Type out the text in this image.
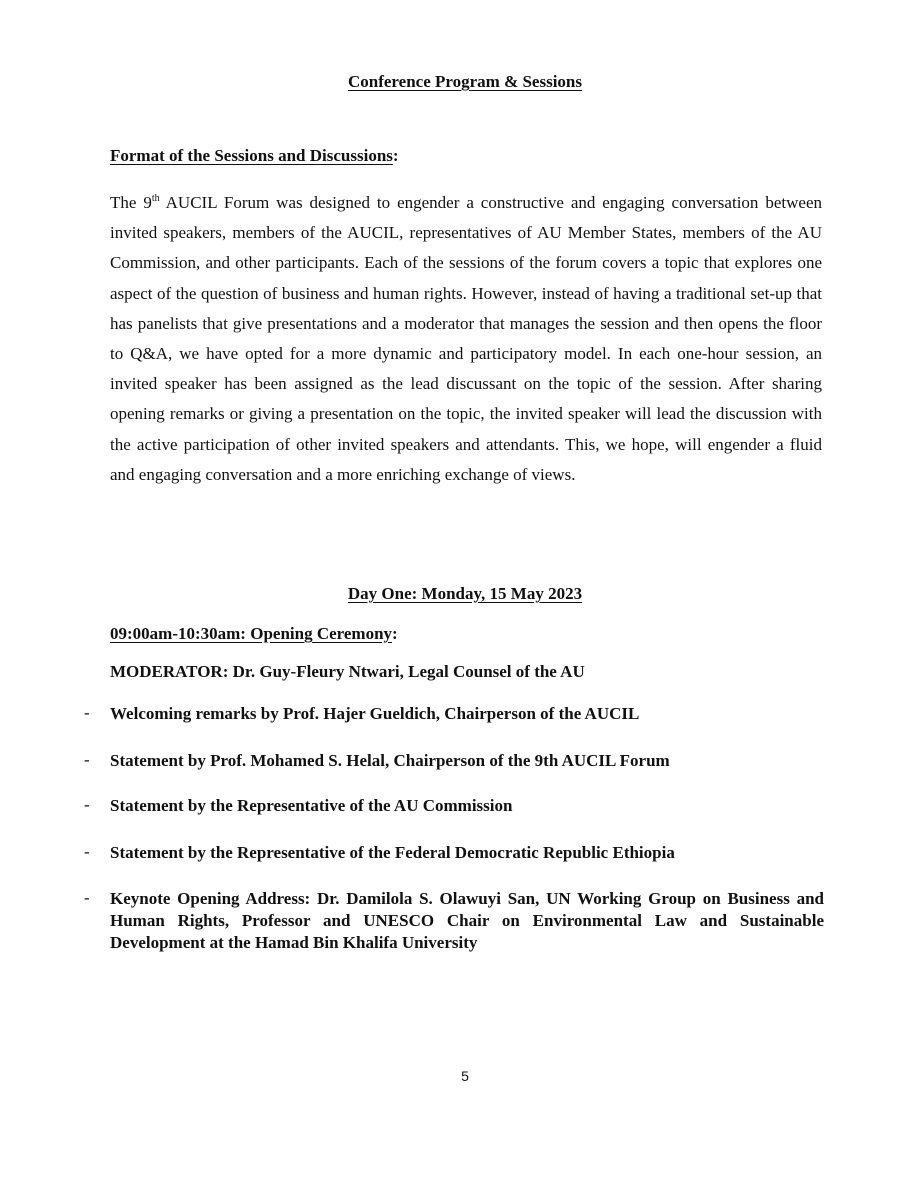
Conference Program & Sessions
Format of the Sessions and Discussions:

The 9th AUCIL Forum was designed to engender a constructive and engaging conversation between invited speakers, members of the AUCIL, representatives of AU Member States, members of the AU Commission, and other participants. Each of the sessions of the forum covers a topic that explores one aspect of the question of business and human rights. However, instead of having a traditional set-up that has panelists that give presentations and a moderator that manages the session and then opens the floor to Q&A, we have opted for a more dynamic and participatory model. In each one-hour session, an invited speaker has been assigned as the lead discussant on the topic of the session. After sharing opening remarks or giving a presentation on the topic, the invited speaker will lead the discussion with the active participation of other invited speakers and attendants. This, we hope, will engender a fluid and engaging conversation and a more enriching exchange of views.

Day One: Monday, 15 May 2023
09:00am-10:30am: Opening Ceremony:
MODERATOR: Dr. Guy-Fleury Ntwari, Legal Counsel of the AU
- Welcoming remarks by Prof. Hajer Gueldich, Chairperson of the AUCIL
- Statement by Prof. Mohamed S. Helal, Chairperson of the 9th AUCIL Forum
- Statement by the Representative of the AU Commission
- Statement by the Representative of the Federal Democratic Republic Ethiopia
- Keynote Opening Address: Dr. Damilola S. Olawuyi San, UN Working Group on Business and Human Rights, Professor and UNESCO Chair on Environmental Law and Sustainable Development at the Hamad Bin Khalifa University
5
